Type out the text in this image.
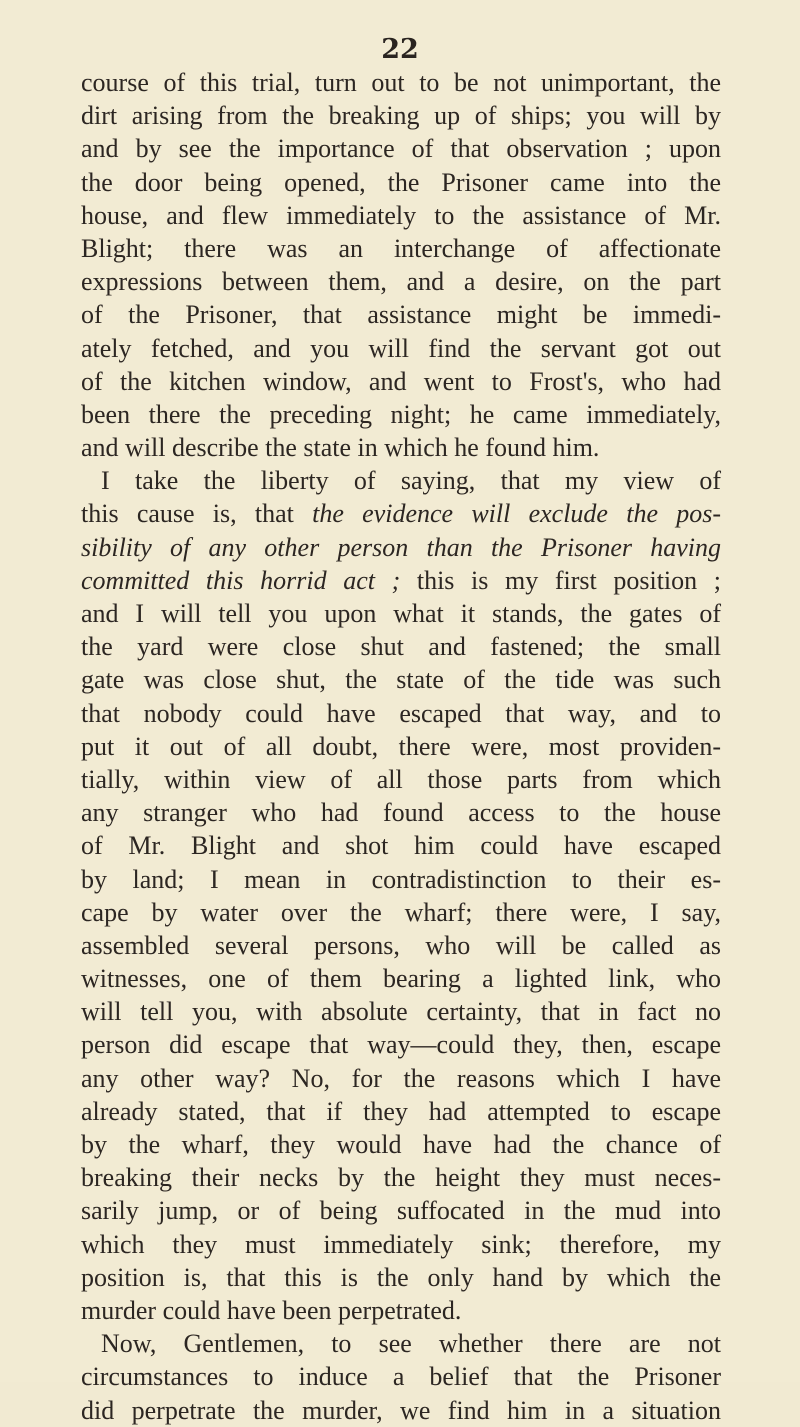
22
course of this trial, turn out to be not unimportant, the
dirt arising from the breaking up of ships; you will by
and by see the importance of that observation ; upon
the door being opened, the Prisoner came into the
house, and flew immediately to the assistance of Mr.
Blight; there was an interchange of affectionate
expressions between them, and a desire, on the part
of the Prisoner, that assistance might be immedi-
ately fetched, and you will find the servant got out
of the kitchen window, and went to Frost's, who had
been there the preceding night; he came immediately,
and will describe the state in which he found him.
I take the liberty of saying, that my view of
this cause is, that the evidence will exclude the pos-
sibility of any other person than the Prisoner having
committed this horrid act ; this is my first position ;
and I will tell you upon what it stands, the gates of
the yard were close shut and fastened; the small
gate was close shut, the state of the tide was such
that nobody could have escaped that way, and to
put it out of all doubt, there were, most providen-
tially, within view of all those parts from which
any stranger who had found access to the house
of Mr. Blight and shot him could have escaped
by land; I mean in contradistinction to their es-
cape by water over the wharf; there were, I say,
assembled several persons, who will be called as
witnesses, one of them bearing a lighted link, who
will tell you, with absolute certainty, that in fact no
person did escape that way—could they, then, escape
any other way? No, for the reasons which I have
already stated, that if they had attempted to escape
by the wharf, they would have had the chance of
breaking their necks by the height they must neces-
sarily jump, or of being suffocated in the mud into
which they must immediately sink; therefore, my
position is, that this is the only hand by which the
murder could have been perpetrated.
Now, Gentlemen, to see whether there are not
circumstances to induce a belief that the Prisoner
did perpetrate the murder, we find him in a situation
